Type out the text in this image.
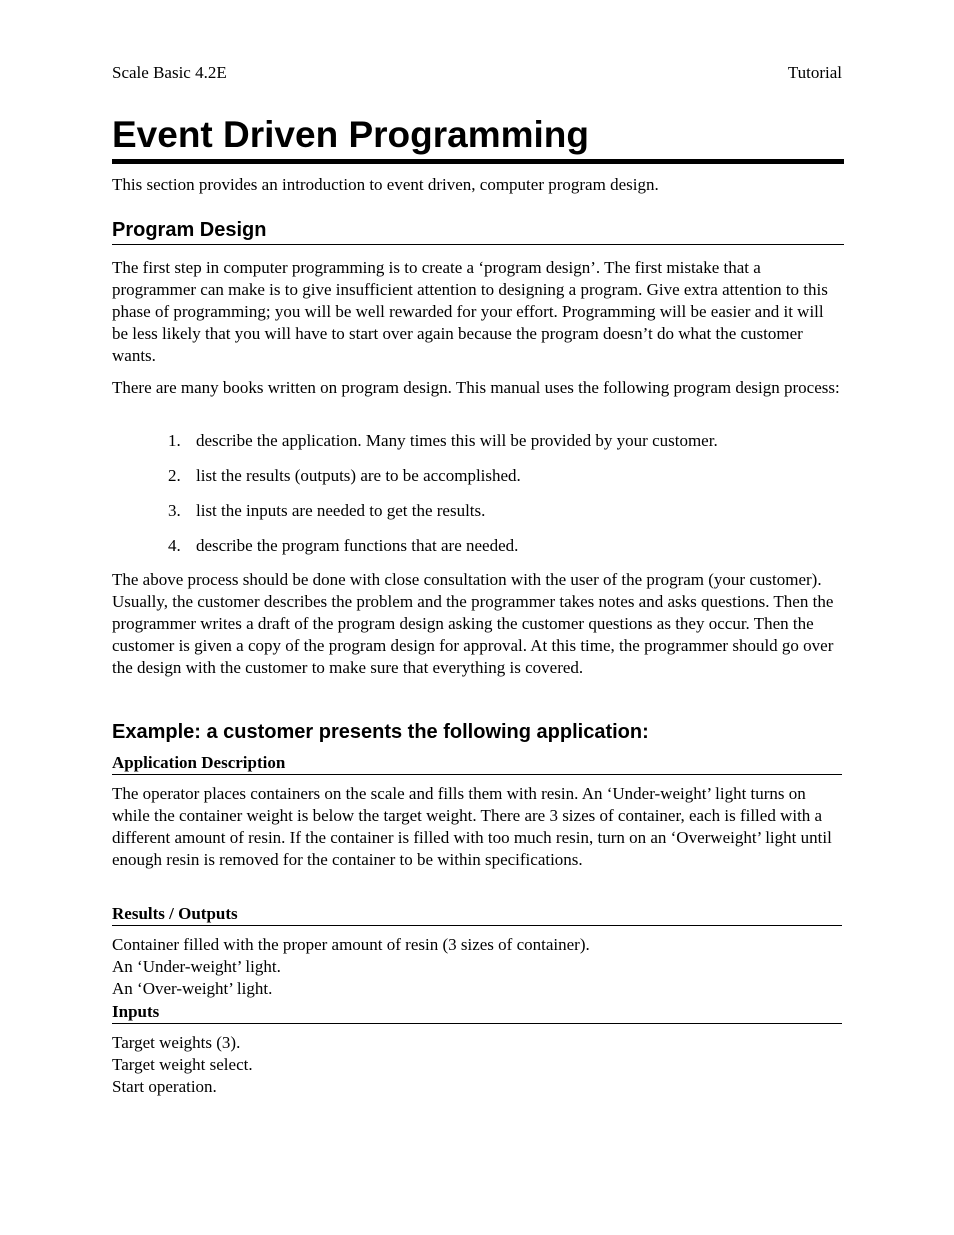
Scale Basic 4.2E	Tutorial
Event Driven Programming

This section provides an introduction to event driven, computer program design.

Program Design

The first step in computer programming is to create a ‘program design’. The first mistake that a programmer can make is to give insufficient attention to designing a program. Give extra attention to this phase of programming; you will be well rewarded for your effort. Programming will be easier and it will be less likely that you will have to start over again because the program doesn’t do what the customer wants.

There are many books written on program design. This manual uses the following program design process:

1. describe the application. Many times this will be provided by your customer.
2. list the results (outputs) are to be accomplished.
3. list the inputs are needed to get the results.
4. describe the program functions that are needed.

The above process should be done with close consultation with the user of the program (your customer). Usually, the customer describes the problem and the programmer takes notes and asks questions. Then the programmer writes a draft of the program design asking the customer questions as they occur. Then the customer is given a copy of the program design for approval. At this time, the programmer should go over the design with the customer to make sure that everything is covered.

Example: a customer presents the following application:
Application Description

The operator places containers on the scale and fills them with resin. An ‘Under-weight’ light turns on while the container weight is below the target weight. There are 3 sizes of container, each is filled with a different amount of resin. If the container is filled with too much resin, turn on an ‘Overweight’ light until enough resin is removed for the container to be within specifications.

Results / Outputs
Container filled with the proper amount of resin (3 sizes of container).
An ‘Under-weight’ light.
An ‘Over-weight’ light.
Inputs
Target weights (3).
Target weight select.
Start operation.
